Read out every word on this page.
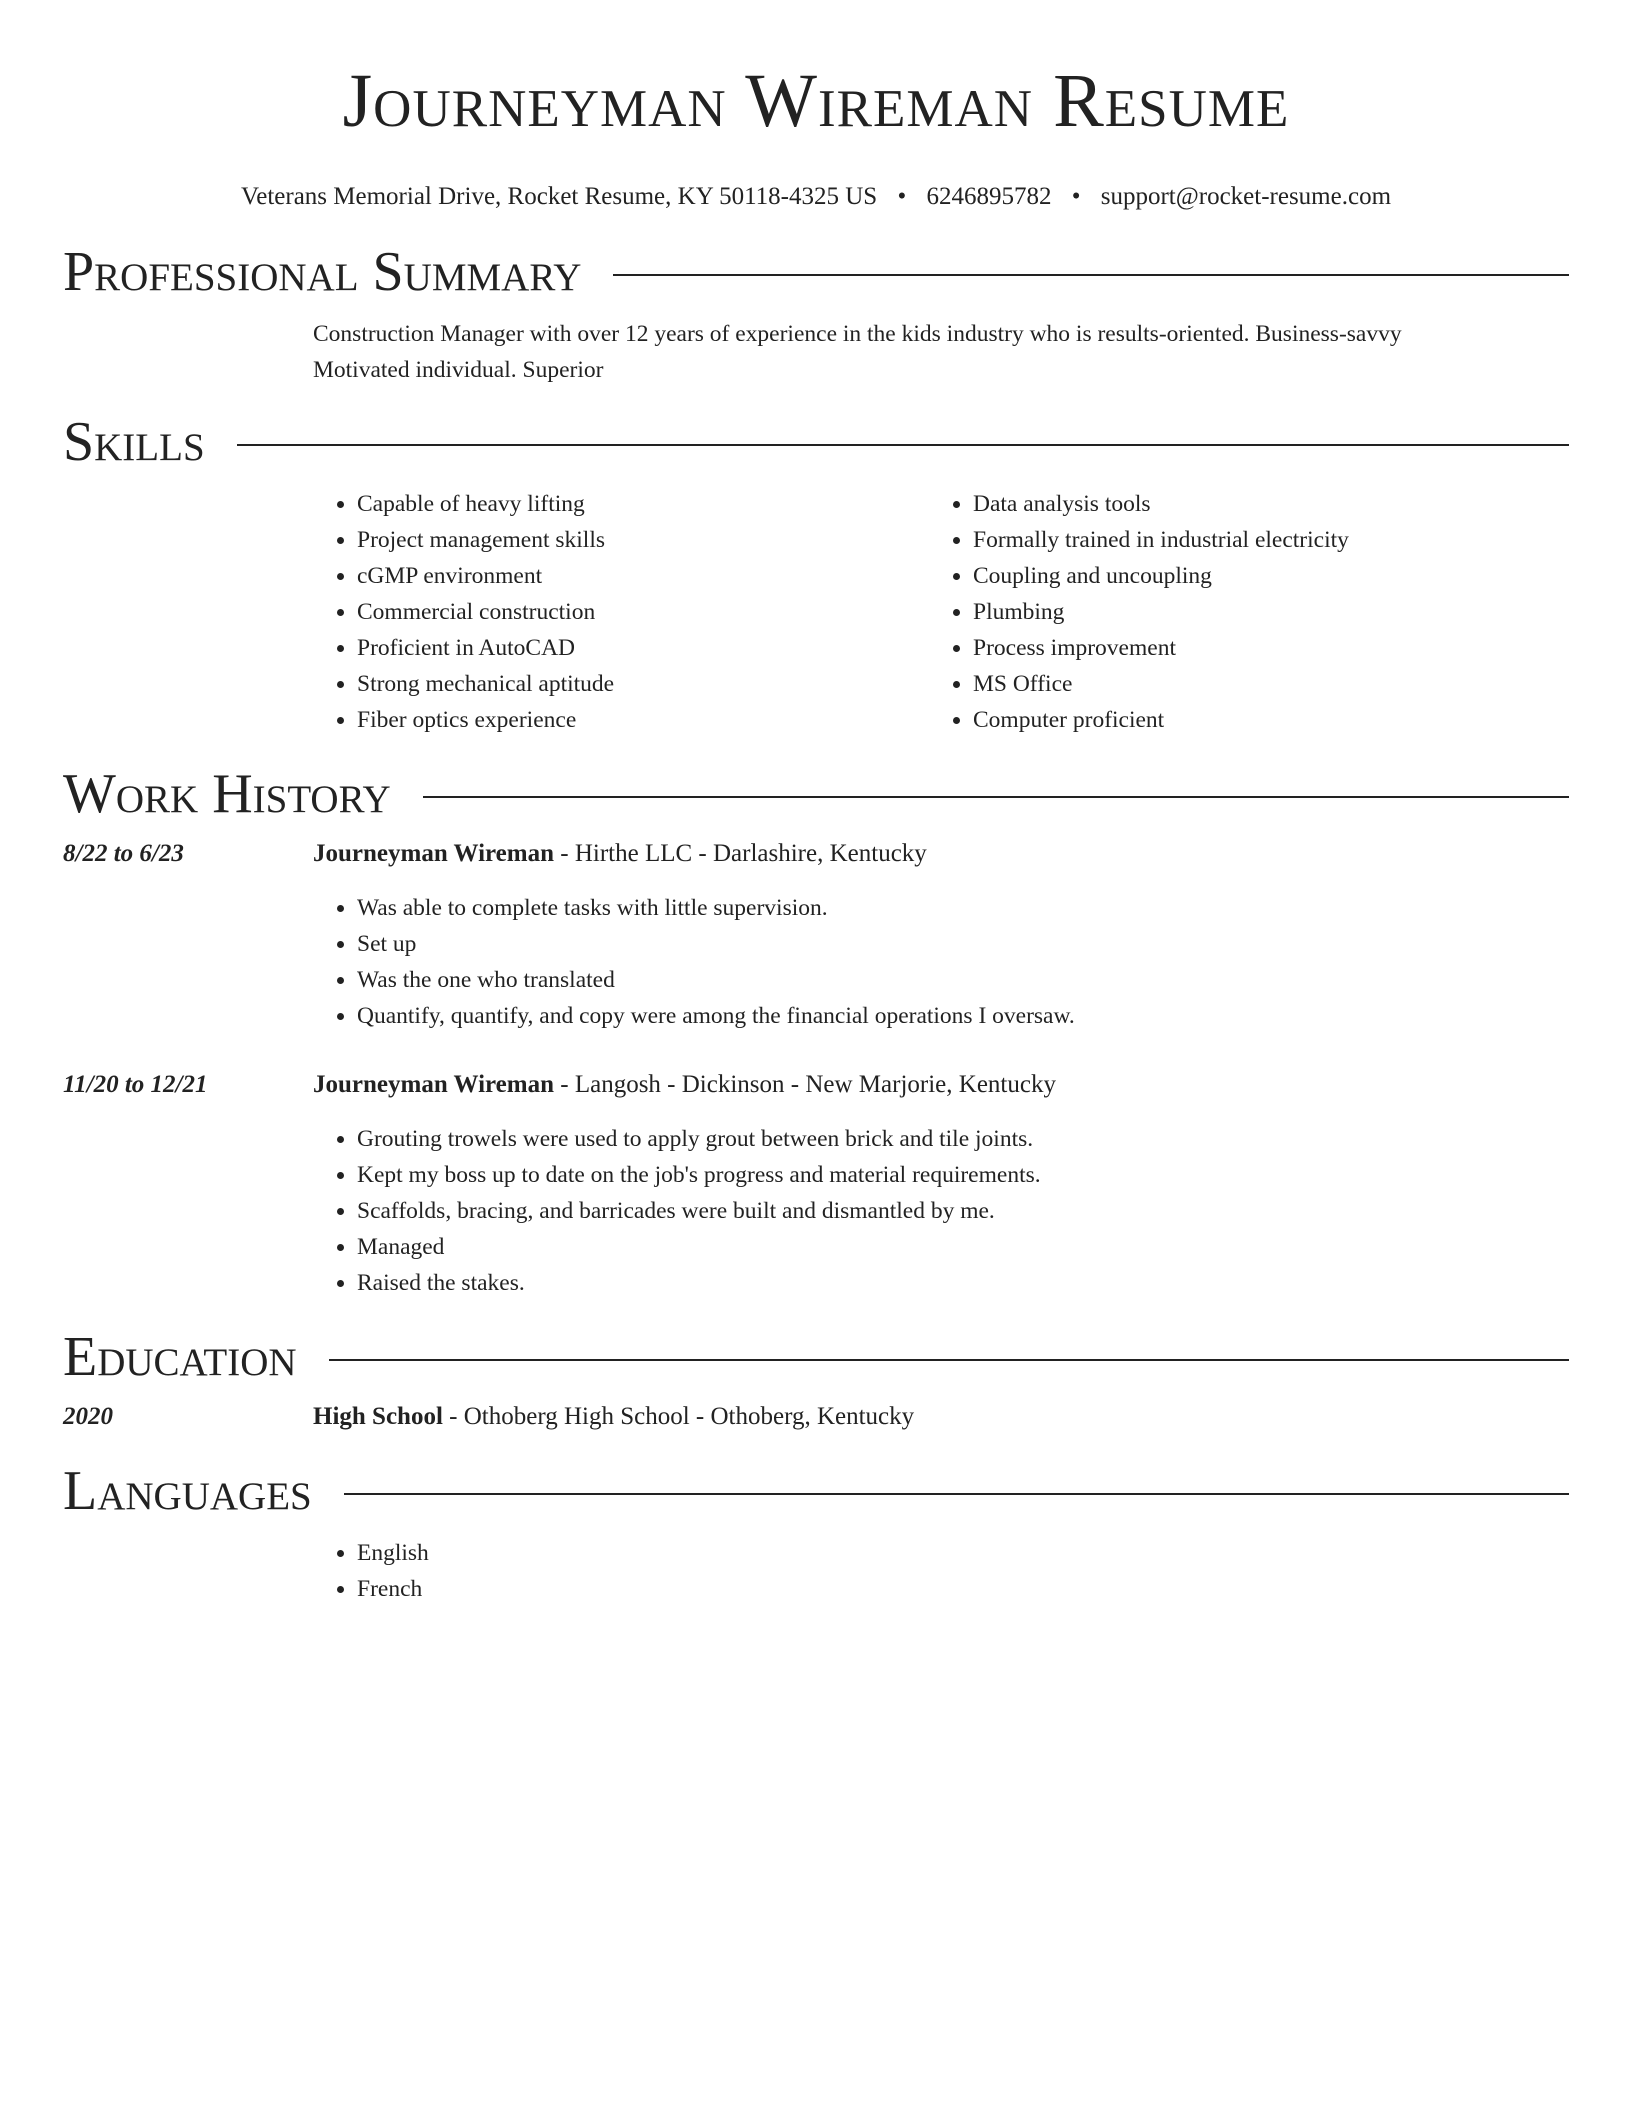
Journeyman Wireman Resume
Veterans Memorial Drive, Rocket Resume, KY 50118-4325 US • 6246895782 • support@rocket-resume.com
Professional Summary
Construction Manager with over 12 years of experience in the kids industry who is results-oriented. Business-savvy
Motivated individual. Superior
Skills
• Capable of heavy lifting
• Project management skills
• cGMP environment
• Commercial construction
• Proficient in AutoCAD
• Strong mechanical aptitude
• Fiber optics experience
• Data analysis tools
• Formally trained in industrial electricity
• Coupling and uncoupling
• Plumbing
• Process improvement
• MS Office
• Computer proficient
Work History
8/22 to 6/23	Journeyman Wireman - Hirthe LLC - Darlashire, Kentucky
• Was able to complete tasks with little supervision.
• Set up
• Was the one who translated
• Quantify, quantify, and copy were among the financial operations I oversaw.
11/20 to 12/21	Journeyman Wireman - Langosh - Dickinson - New Marjorie, Kentucky
• Grouting trowels were used to apply grout between brick and tile joints.
• Kept my boss up to date on the job's progress and material requirements.
• Scaffolds, bracing, and barricades were built and dismantled by me.
• Managed
• Raised the stakes.
Education
2020	High School - Othoberg High School - Othoberg, Kentucky
Languages
• English
• French
